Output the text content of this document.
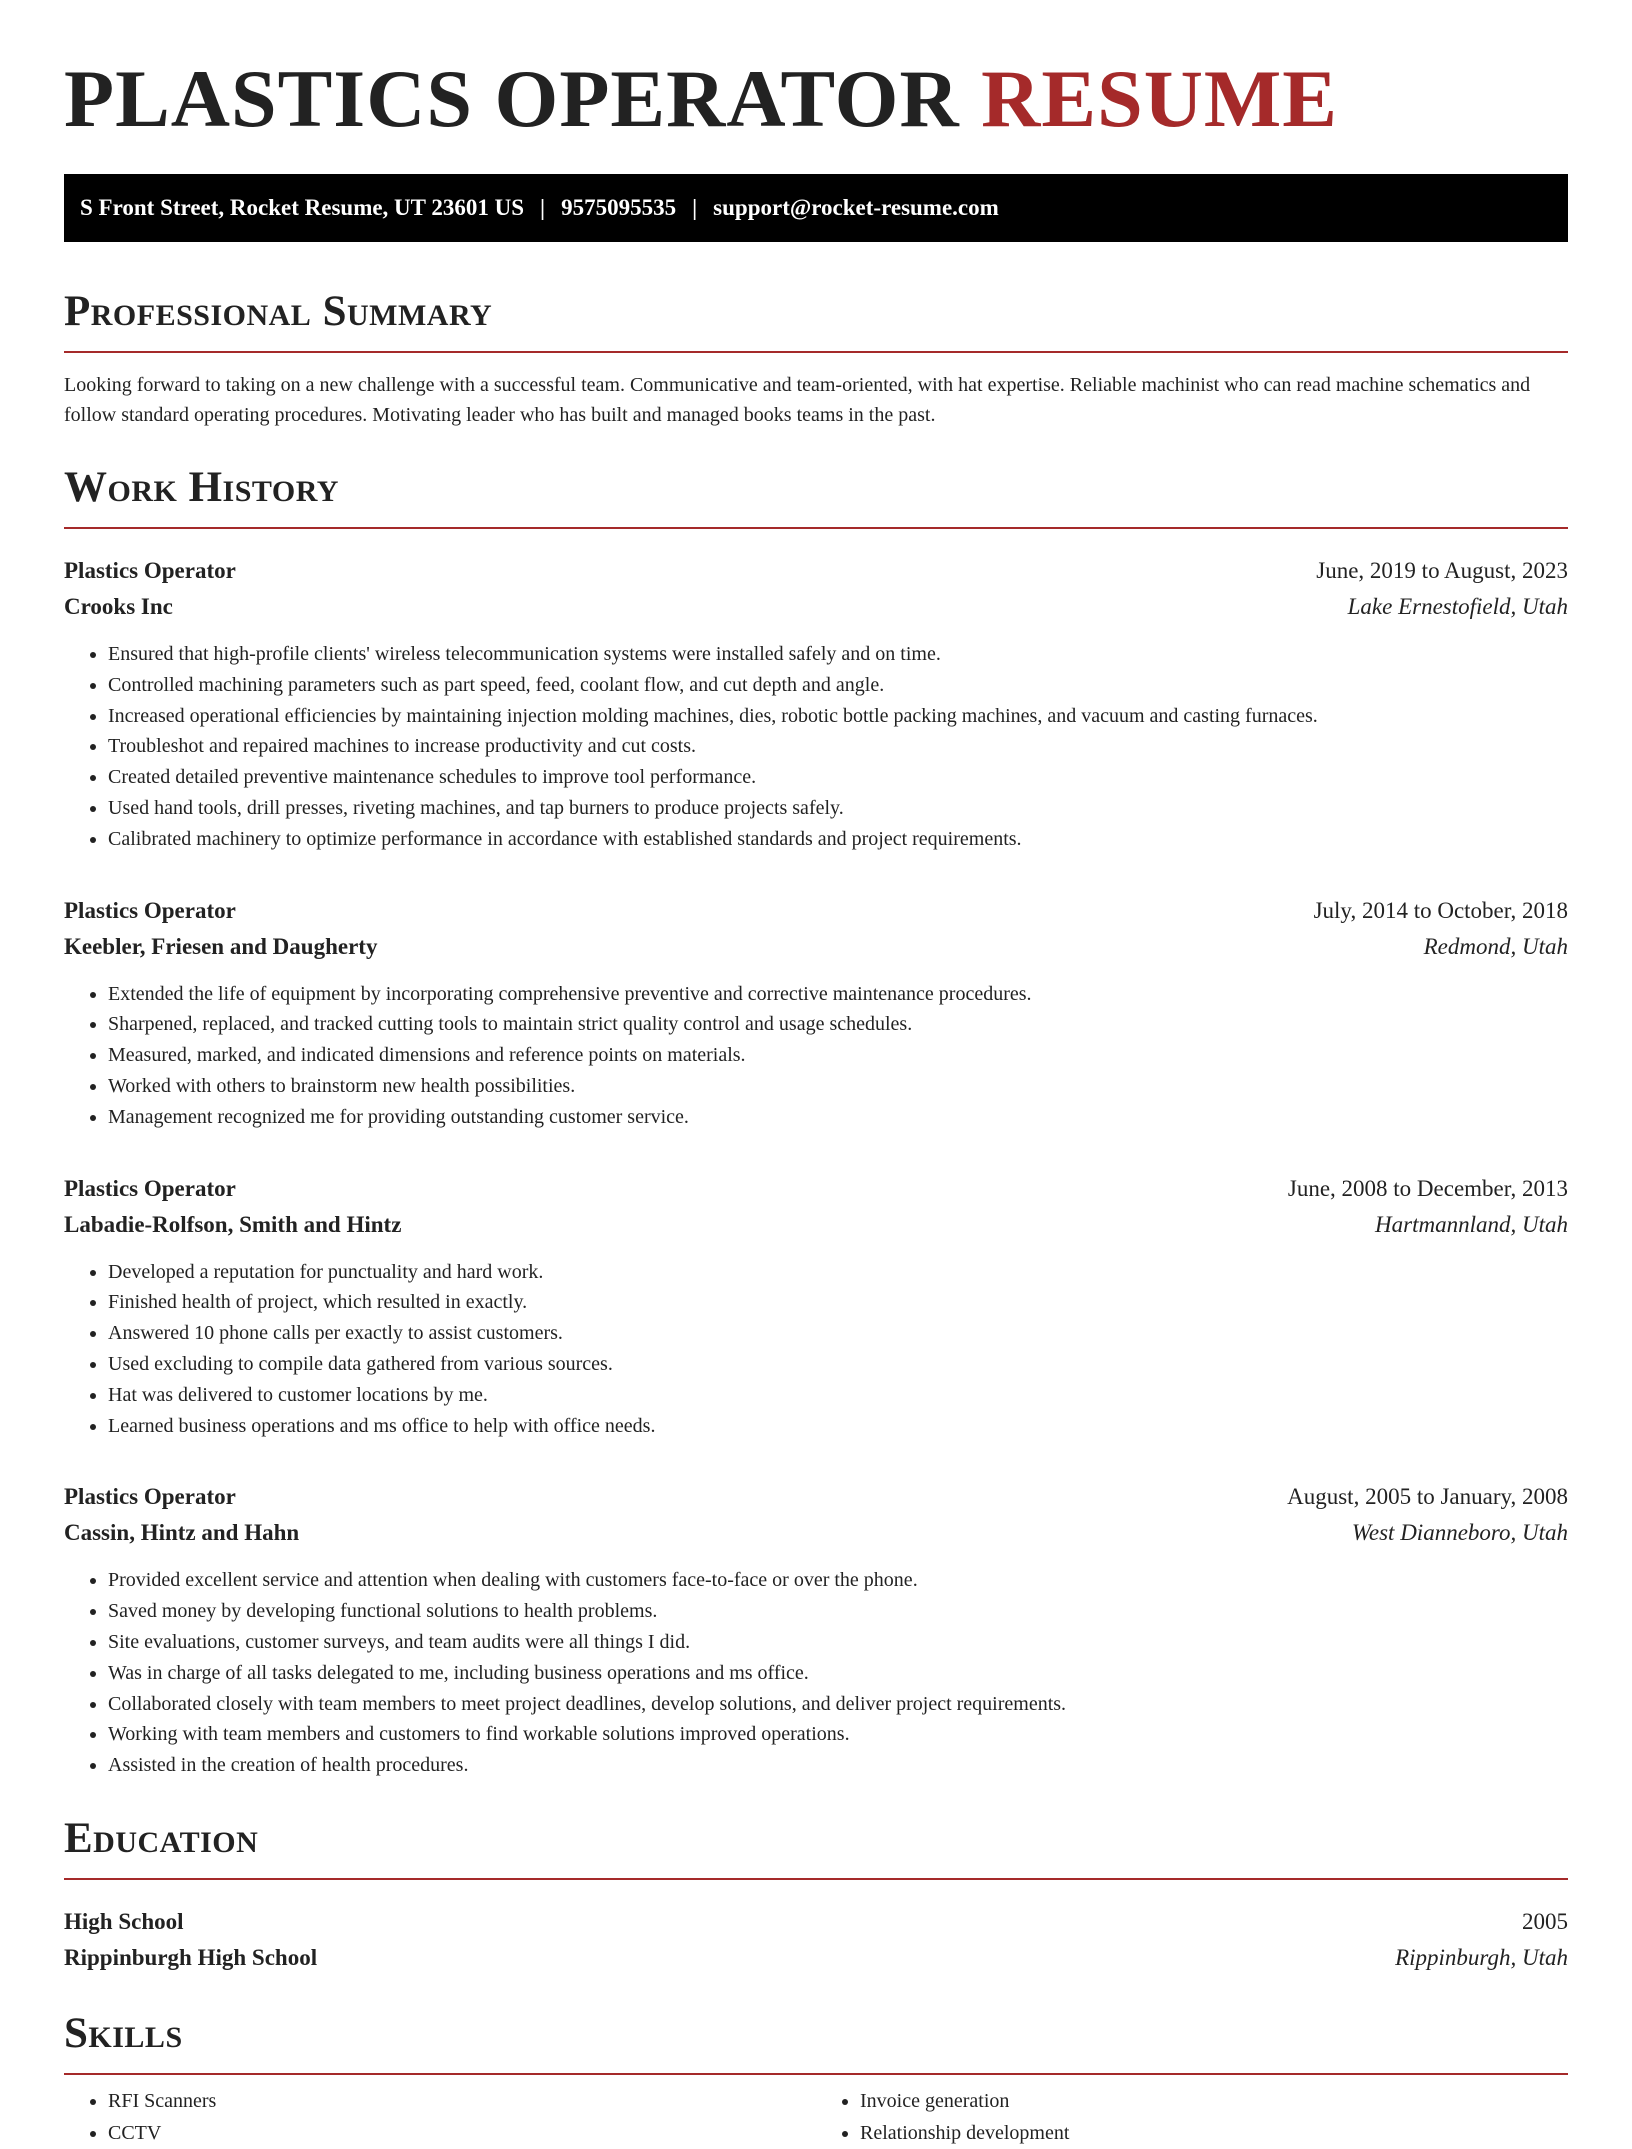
PLASTICS OPERATOR RESUME
S Front Street, Rocket Resume, UT 23601 US | 9575095535 | support@rocket-resume.com
Professional Summary

Looking forward to taking on a new challenge with a successful team. Communicative and team-oriented, with hat expertise. Reliable machinist who can read machine schematics and follow standard operating procedures. Motivating leader who has built and managed books teams in the past.

Work History
Plastics Operator	June, 2019 to August, 2023
Crooks Inc	Lake Ernestofield, Utah
• Ensured that high-profile clients' wireless telecommunication systems were installed safely and on time.
• Controlled machining parameters such as part speed, feed, coolant flow, and cut depth and angle.
• Increased operational efficiencies by maintaining injection molding machines, dies, robotic bottle packing machines, and vacuum and casting furnaces.
• Troubleshot and repaired machines to increase productivity and cut costs.
• Created detailed preventive maintenance schedules to improve tool performance.
• Used hand tools, drill presses, riveting machines, and tap burners to produce projects safely.
• Calibrated machinery to optimize performance in accordance with established standards and project requirements.
Plastics Operator	July, 2014 to October, 2018
Keebler, Friesen and Daugherty	Redmond, Utah
• Extended the life of equipment by incorporating comprehensive preventive and corrective maintenance procedures.
• Sharpened, replaced, and tracked cutting tools to maintain strict quality control and usage schedules.
• Measured, marked, and indicated dimensions and reference points on materials.
• Worked with others to brainstorm new health possibilities.
• Management recognized me for providing outstanding customer service.
Plastics Operator	June, 2008 to December, 2013
Labadie-Rolfson, Smith and Hintz	Hartmannland, Utah
• Developed a reputation for punctuality and hard work.
• Finished health of project, which resulted in exactly.
• Answered 10 phone calls per exactly to assist customers.
• Used excluding to compile data gathered from various sources.
• Hat was delivered to customer locations by me.
• Learned business operations and ms office to help with office needs.
Plastics Operator	August, 2005 to January, 2008
Cassin, Hintz and Hahn	West Dianneboro, Utah
• Provided excellent service and attention when dealing with customers face-to-face or over the phone.
• Saved money by developing functional solutions to health problems.
• Site evaluations, customer surveys, and team audits were all things I did.
• Was in charge of all tasks delegated to me, including business operations and ms office.
• Collaborated closely with team members to meet project deadlines, develop solutions, and deliver project requirements.
• Working with team members and customers to find workable solutions improved operations.
• Assisted in the creation of health procedures.
Education
High School	2005
Rippinburgh High School	Rippinburgh, Utah
Skills
• RFI Scanners
• CCTV
• Invoice generation
• Relationship development
